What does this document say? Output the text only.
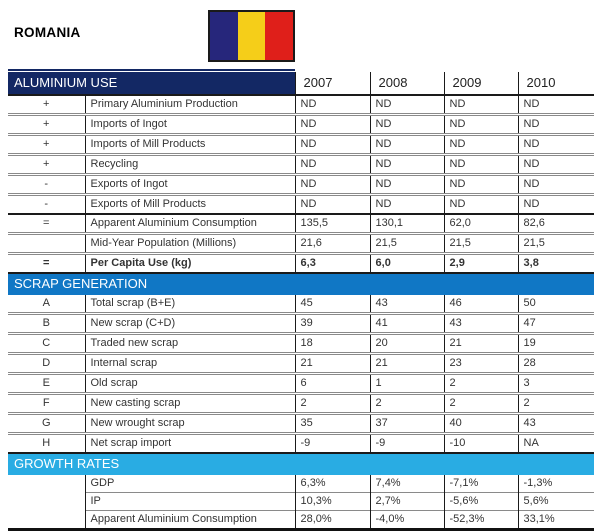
ROMANIA
ALUMINIUM USE		2007	2008	2009	2010
+	Primary Aluminium Production	ND	ND	ND	ND
+	Imports of Ingot	ND	ND	ND	ND
+	Imports of Mill Products	ND	ND	ND	ND
+	Recycling	ND	ND	ND	ND
-	Exports of Ingot	ND	ND	ND	ND
-	Exports of Mill Products	ND	ND	ND	ND
=	Apparent Aluminium Consumption	135,5	130,1	62,0	82,6
	Mid-Year Population (Millions)	21,6	21,5	21,5	21,5
=	Per Capita Use (kg)	6,3	6,0	2,9	3,8
SCRAP GENERATION					
A	Total scrap (B+E)	45	43	46	50
B	New scrap (C+D)	39	41	43	47
C	Traded new scrap	18	20	21	19
D	Internal scrap	21	21	23	28
E	Old scrap	6	1	2	3
F	New casting scrap	2	2	2	2
G	New wrought scrap	35	37	40	43
H	Net scrap import	-9	-9	-10	NA
GROWTH RATES					
	GDP	6,3%	7,4%	-7,1%	-1,3%
	IP	10,3%	2,7%	-5,6%	5,6%
	Apparent Aluminium Consumption	28,0%	-4,0%	-52,3%	33,1%
